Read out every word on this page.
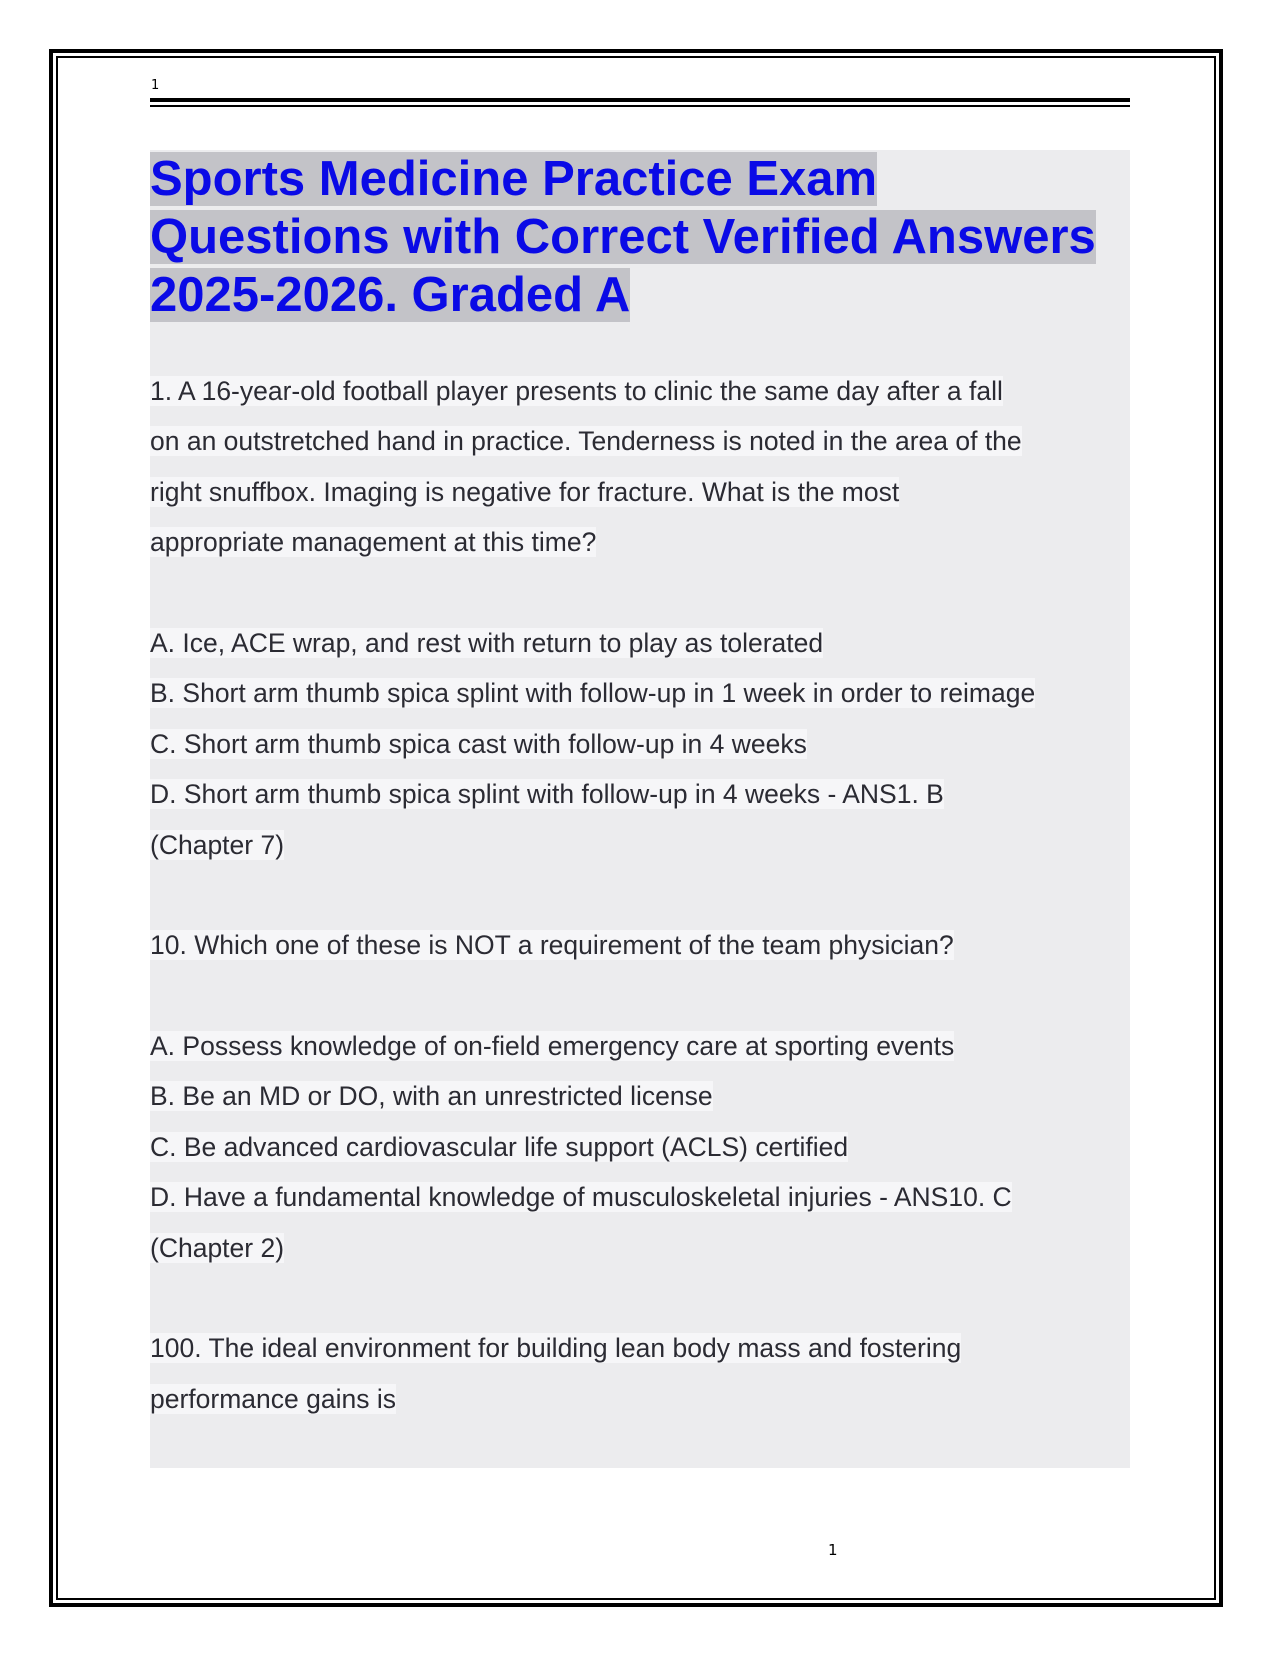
1
Sports Medicine Practice Exam
Questions with Correct Verified Answers
2025-2026. Graded A
1. A 16-year-old football player presents to clinic the same day after a fall
on an outstretched hand in practice. Tenderness is noted in the area of the
right snuffbox. Imaging is negative for fracture. What is the most
appropriate management at this time?
A. Ice, ACE wrap, and rest with return to play as tolerated
B. Short arm thumb spica splint with follow-up in 1 week in order to reimage
C. Short arm thumb spica cast with follow-up in 4 weeks
D. Short arm thumb spica splint with follow-up in 4 weeks - ANS1. B
(Chapter 7)
10. Which one of these is NOT a requirement of the team physician?
A. Possess knowledge of on-field emergency care at sporting events
B. Be an MD or DO, with an unrestricted license
C. Be advanced cardiovascular life support (ACLS) certified
D. Have a fundamental knowledge of musculoskeletal injuries - ANS10. C
(Chapter 2)
100. The ideal environment for building lean body mass and fostering
performance gains is
1
